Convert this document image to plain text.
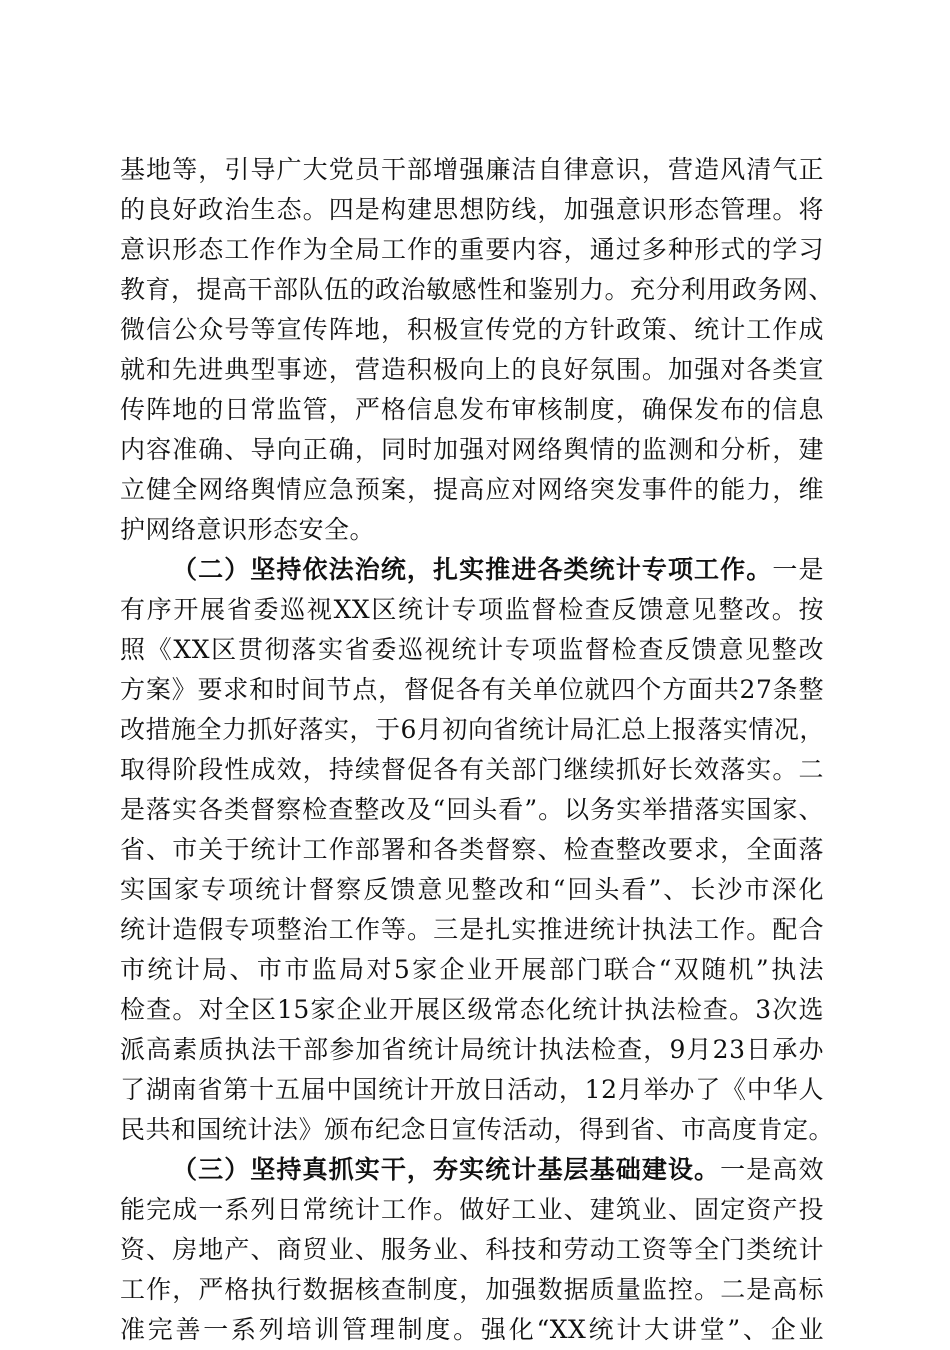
基地等，引导广大党员干部增强廉洁自律意识，营造风清气正
的良好政治生态。四是构建思想防线，加强意识形态管理。将
意识形态工作作为全局工作的重要内容，通过多种形式的学习
教育，提高干部队伍的政治敏感性和鉴别力。充分利用政务网、
微信公众号等宣传阵地，积极宣传党的方针政策、统计工作成
就和先进典型事迹，营造积极向上的良好氛围。加强对各类宣
传阵地的日常监管，严格信息发布审核制度，确保发布的信息
内容准确、导向正确，同时加强对网络舆情的监测和分析，建
立健全网络舆情应急预案，提高应对网络突发事件的能力，维
护网络意识形态安全。
（二）坚持依法治统，扎实推进各类统计专项工作。一是
有序开展省委巡视XX区统计专项监督检查反馈意见整改。按
照《XX区贯彻落实省委巡视统计专项监督检查反馈意见整改
方案》要求和时间节点，督促各有关单位就四个方面共27条整
改措施全力抓好落实，于6月初向省统计局汇总上报落实情况，
取得阶段性成效，持续督促各有关部门继续抓好长效落实。二
是落实各类督察检查整改及“回头看”。以务实举措落实国家、
省、市关于统计工作部署和各类督察、检查整改要求，全面落
实国家专项统计督察反馈意见整改和“回头看”、长沙市深化
统计造假专项整治工作等。三是扎实推进统计执法工作。配合
市统计局、市市监局对5家企业开展部门联合“双随机”执法
检查。对全区15家企业开展区级常态化统计执法检查。3次选
派高素质执法干部参加省统计局统计执法检查，9月23日承办
了湖南省第十五届中国统计开放日活动，12月举办了《中华人
民共和国统计法》颁布纪念日宣传活动，得到省、市高度肯定。
（三）坚持真抓实干，夯实统计基层基础建设。一是高效
能完成一系列日常统计工作。做好工业、建筑业、固定资产投
资、房地产、商贸业、服务业、科技和劳动工资等全门类统计
工作，严格执行数据核查制度，加强数据质量监控。二是高标
准完善一系列培训管理制度。强化“XX统计大讲堂”、企业
